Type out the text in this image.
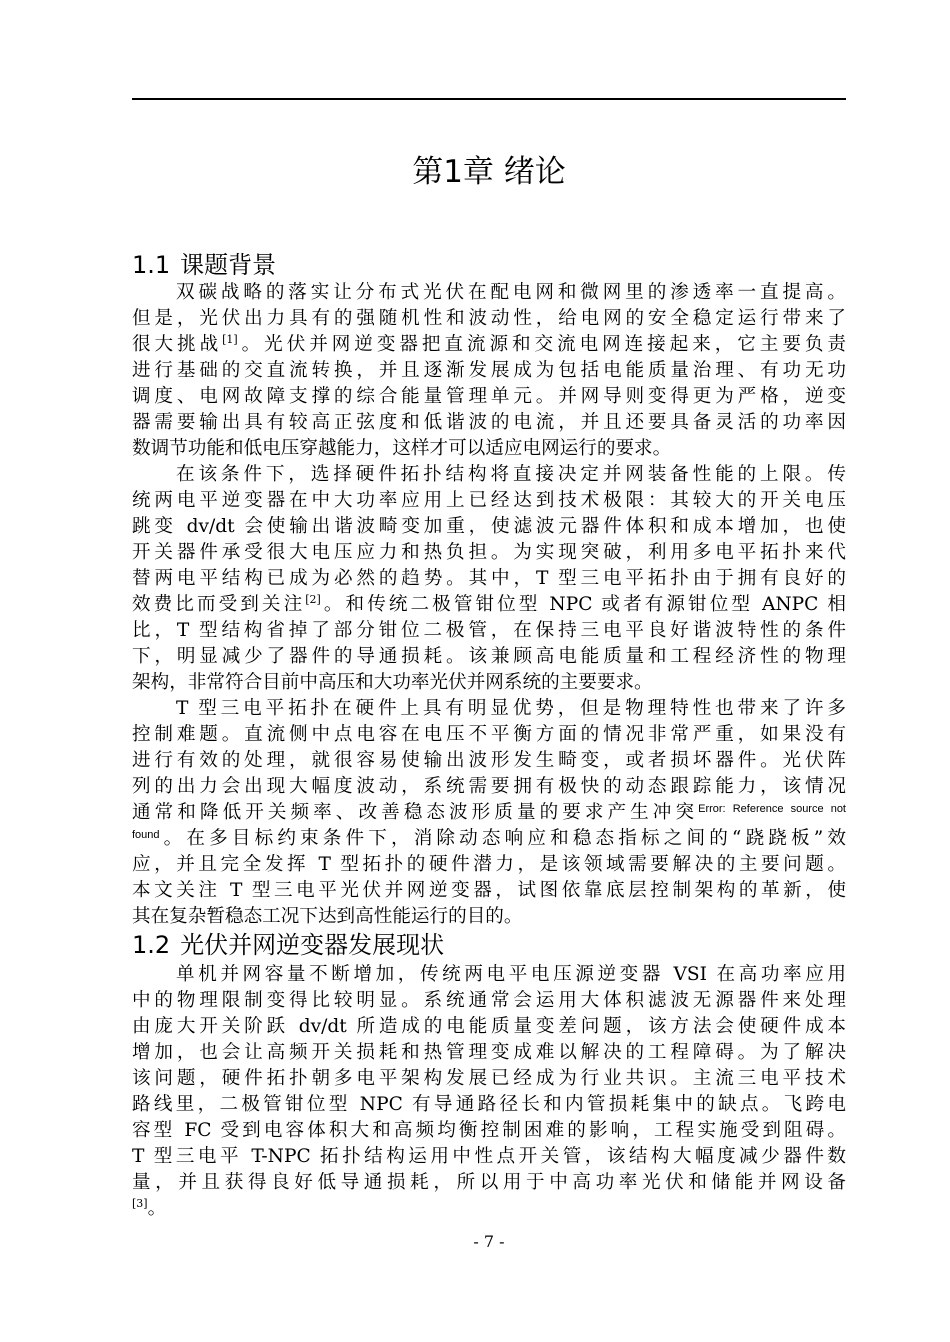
第1章 绪论
1.1 课题背景
双碳战略的落实让分布式光伏在配电网和微网里的渗透率一直提高。
但是，光伏出力具有的强随机性和波动性，给电网的安全稳定运行带来了
很大挑战[1]。光伏并网逆变器把直流源和交流电网连接起来，它主要负责
进行基础的交直流转换，并且逐渐发展成为包括电能质量治理、有功无功
调度、电网故障支撑的综合能量管理单元。并网导则变得更为严格，逆变
器需要输出具有较高正弦度和低谐波的电流，并且还要具备灵活的功率因
数调节功能和低电压穿越能力，这样才可以适应电网运行的要求。
在该条件下，选择硬件拓扑结构将直接决定并网装备性能的上限。传
统两电平逆变器在中大功率应用上已经达到技术极限：其较大的开关电压
跳变 dv/dt 会使输出谐波畸变加重，使滤波元器件体积和成本增加，也使
开关器件承受很大电压应力和热负担。为实现突破，利用多电平拓扑来代
替两电平结构已成为必然的趋势。其中，T 型三电平拓扑由于拥有良好的
效费比而受到关注[2]。和传统二极管钳位型 NPC 或者有源钳位型 ANPC 相
比，T 型结构省掉了部分钳位二极管，在保持三电平良好谐波特性的条件
下，明显减少了器件的导通损耗。该兼顾高电能质量和工程经济性的物理
架构，非常符合目前中高压和大功率光伏并网系统的主要要求。
T 型三电平拓扑在硬件上具有明显优势，但是物理特性也带来了许多
控制难题。直流侧中点电容在电压不平衡方面的情况非常严重，如果没有
进行有效的处理，就很容易使输出波形发生畸变，或者损坏器件。光伏阵
列的出力会出现大幅度波动，系统需要拥有极快的动态跟踪能力，该情况
通常和降低开关频率、改善稳态波形质量的要求产生冲突$^{Error: Reference source not}$
$^{found}$。在多目标约束条件下，消除动态响应和稳态指标之间的“跷跷板”效
应，并且完全发挥 T 型拓扑的硬件潜力，是该领域需要解决的主要问题。
本文关注 T 型三电平光伏并网逆变器，试图依靠底层控制架构的革新，使
其在复杂暂稳态工况下达到高性能运行的目的。
1.2 光伏并网逆变器发展现状
单机并网容量不断增加，传统两电平电压源逆变器 VSI 在高功率应用
中的物理限制变得比较明显。系统通常会运用大体积滤波无源器件来处理
由庞大开关阶跃 dv/dt 所造成的电能质量变差问题，该方法会使硬件成本
增加，也会让高频开关损耗和热管理变成难以解决的工程障碍。为了解决
该问题，硬件拓扑朝多电平架构发展已经成为行业共识。主流三电平技术
路线里，二极管钳位型 NPC 有导通路径长和内管损耗集中的缺点。飞跨电
容型 FC 受到电容体积大和高频均衡控制困难的影响，工程实施受到阻碍。
T 型三电平 T-NPC 拓扑结构运用中性点开关管，该结构大幅度减少器件数
量，并且获得良好低导通损耗，所以用于中高功率光伏和储能并网设备
[3]。
- 7 -
